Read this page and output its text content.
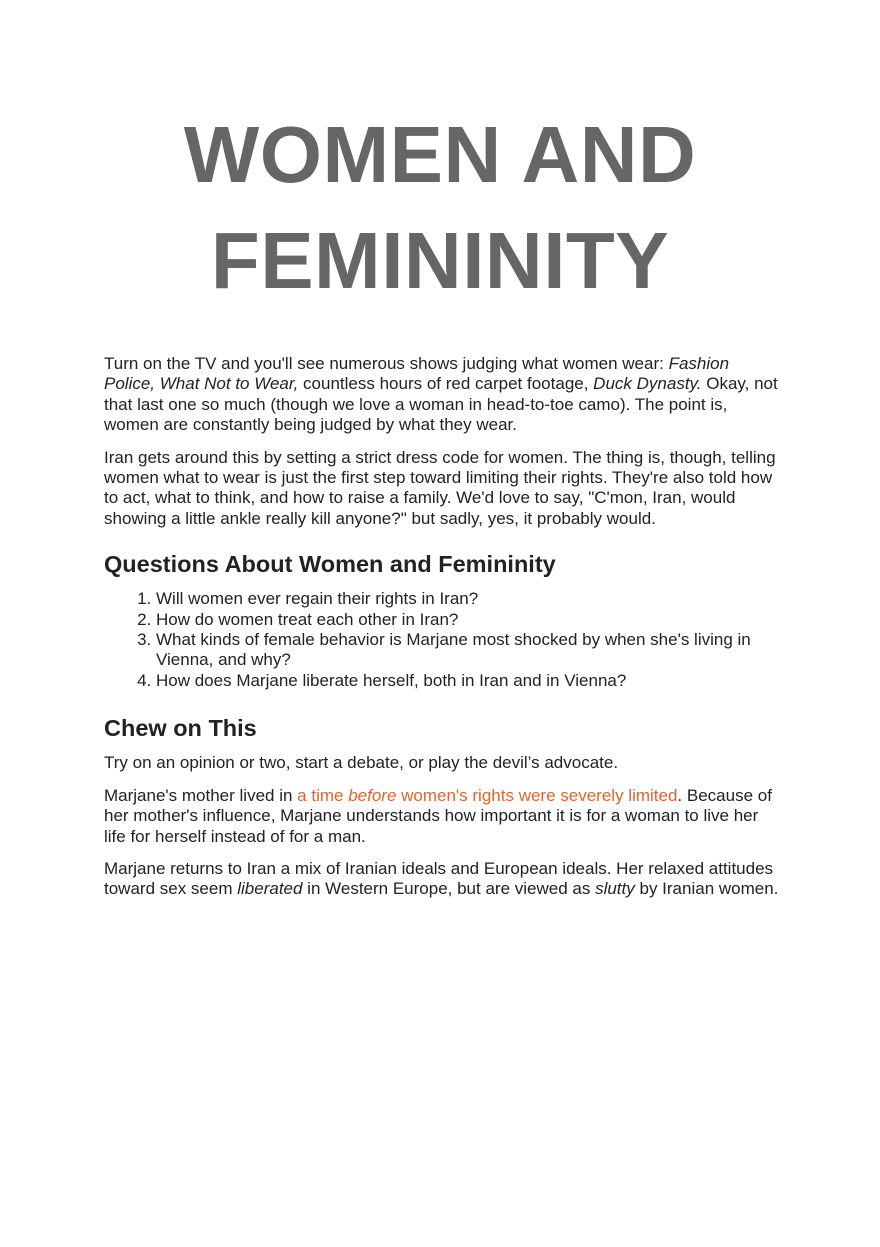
WOMEN AND
FEMININITY

Turn on the TV and you'll see numerous shows judging what women wear: Fashion Police, What Not to Wear, countless hours of red carpet footage, Duck Dynasty. Okay, not that last one so much (though we love a woman in head-to-toe camo). The point is, women are constantly being judged by what they wear.

Iran gets around this by setting a strict dress code for women. The thing is, though, telling women what to wear is just the first step toward limiting their rights. They're also told how to act, what to think, and how to raise a family. We'd love to say, "C'mon, Iran, would showing a little ankle really kill anyone?" but sadly, yes, it probably would.

Questions About Women and Femininity
1. Will women ever regain their rights in Iran?
2. How do women treat each other in Iran?
3. What kinds of female behavior is Marjane most shocked by when she's living in Vienna, and why?
4. How does Marjane liberate herself, both in Iran and in Vienna?
Chew on This

Try on an opinion or two, start a debate, or play the devil’s advocate.

Marjane's mother lived in a time before women's rights were severely limited. Because of her mother's influence, Marjane understands how important it is for a woman to live her life for herself instead of for a man.

Marjane returns to Iran a mix of Iranian ideals and European ideals. Her relaxed attitudes toward sex seem liberated in Western Europe, but are viewed as slutty by Iranian women.
